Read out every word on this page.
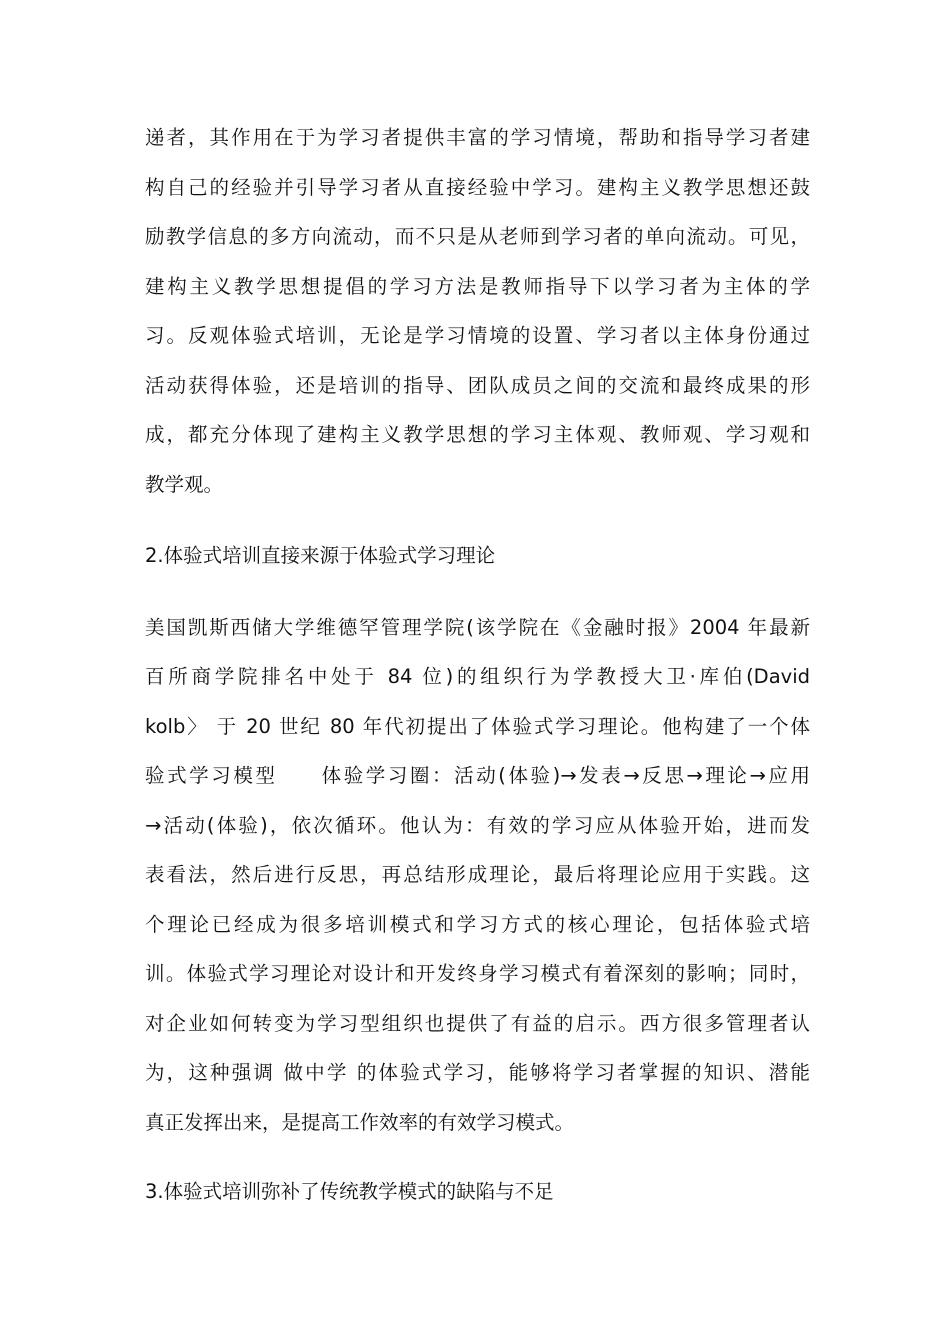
递者，其作用在于为学习者提供丰富的学习情境，帮助和指导学习者建
构自己的经验并引导学习者从直接经验中学习。建构主义教学思想还鼓
励教学信息的多方向流动，而不只是从老师到学习者的单向流动。可见，
建构主义教学思想提倡的学习方法是教师指导下以学习者为主体的学
习。反观体验式培训，无论是学习情境的设置、学习者以主体身份通过
活动获得体验，还是培训的指导、团队成员之间的交流和最终成果的形
成，都充分体现了建构主义教学思想的学习主体观、教师观、学习观和
教学观。
2.体验式培训直接来源于体验式学习理论
美国凯斯西储大学维德罕管理学院(该学院在《金融时报》2004 年最新
百所商学院排名中处于 84 位)的组织行为学教授大卫·库伯(David
kolb〉 于 20 世纪 80 年代初提出了体验式学习理论。他构建了一个体
验式学习模型　　体验学习圈：活动(体验)→发表→反思→理论→应用
→活动(体验)，依次循环。他认为：有效的学习应从体验开始，进而发
表看法，然后进行反思，再总结形成理论，最后将理论应用于实践。这
个理论已经成为很多培训模式和学习方式的核心理论，包括体验式培
训。体验式学习理论对设计和开发终身学习模式有着深刻的影响；同时，
对企业如何转变为学习型组织也提供了有益的启示。西方很多管理者认
为，这种强调 做中学 的体验式学习，能够将学习者掌握的知识、潜能
真正发挥出来，是提高工作效率的有效学习模式。
3.体验式培训弥补了传统教学模式的缺陷与不足
